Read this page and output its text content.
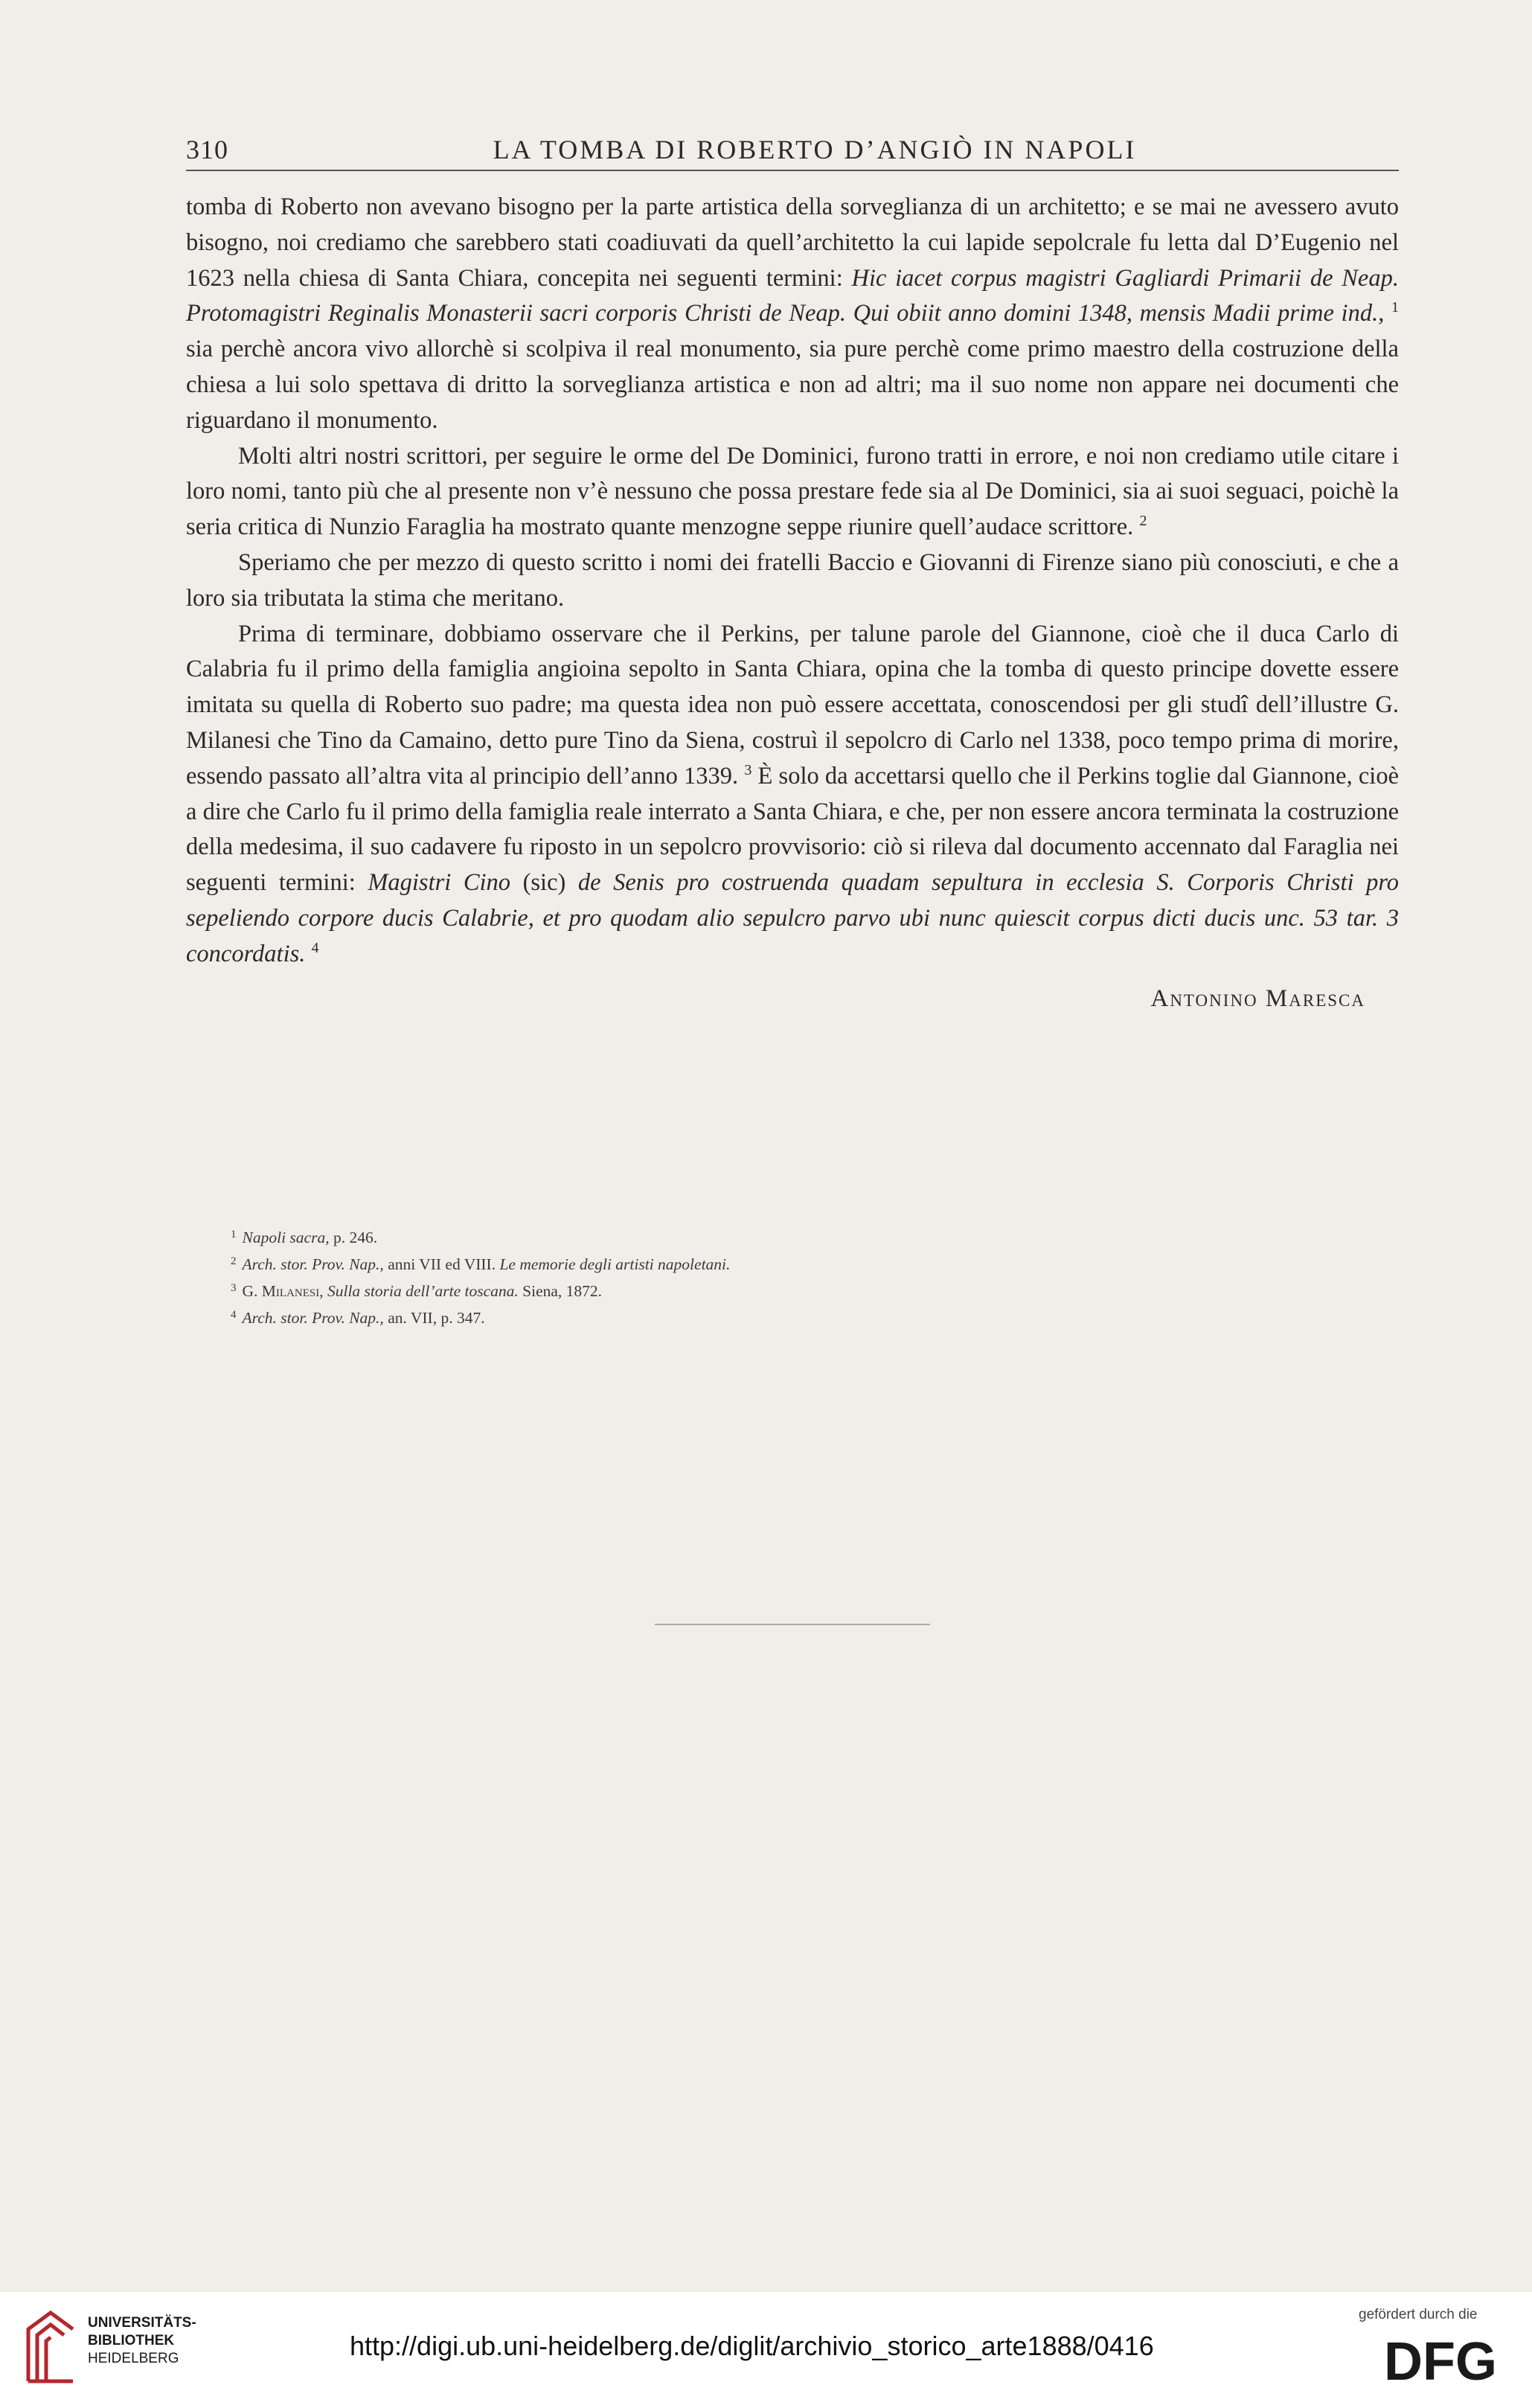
310	LA TOMBA DI ROBERTO D’ANGIÒ IN NAPOLI

tomba di Roberto non avevano bisogno per la parte artistica della sorveglianza di un architetto; e se mai ne avessero avuto bisogno, noi crediamo che sarebbero stati coadiuvati da quell’architetto la cui lapide sepolcrale fu letta dal D’Eugenio nel 1623 nella chiesa di Santa Chiara, concepita nei seguenti termini: Hic iacet corpus magistri Gagliardi Primarii de Neap. Protomagistri Reginalis Monasterii sacri corporis Christi de Neap. Qui obiit anno domini 1348, mensis Madii prime ind., $^1$ sia perchè ancora vivo allorchè si scolpiva il real monumento, sia pure perchè come primo maestro della costruzione della chiesa a lui solo spettava di dritto la sorveglianza artistica e non ad altri; ma il suo nome non appare nei documenti che riguardano il monumento.

Molti altri nostri scrittori, per seguire le orme del De Dominici, furono tratti in errore, e noi non crediamo utile citare i loro nomi, tanto più che al presente non v’è nessuno che possa prestare fede sia al De Dominici, sia ai suoi seguaci, poichè la seria critica di Nunzio Faraglia ha mostrato quante menzogne seppe riunire quell’audace scrittore. $^2$

Speriamo che per mezzo di questo scritto i nomi dei fratelli Baccio e Giovanni di Firenze siano più conosciuti, e che a loro sia tributata la stima che meritano.

Prima di terminare, dobbiamo osservare che il Perkins, per talune parole del Giannone, cioè che il duca Carlo di Calabria fu il primo della famiglia angioina sepolto in Santa Chiara, opina che la tomba di questo principe dovette essere imitata su quella di Roberto suo padre; ma questa idea non può essere accettata, conoscendosi per gli studî dell’illustre G. Milanesi che Tino da Camaino, detto pure Tino da Siena, costruì il sepolcro di Carlo nel 1338, poco tempo prima di morire, essendo passato all’altra vita al principio dell’anno 1339. $^3$ È solo da accettarsi quello che il Perkins toglie dal Giannone, cioè a dire che Carlo fu il primo della famiglia reale interrato a Santa Chiara, e che, per non essere ancora terminata la costruzione della medesima, il suo cadavere fu riposto in un sepolcro provvisorio: ciò si rileva dal documento accennato dal Faraglia nei seguenti termini: Magistri Cino (sic) de Senis pro costruenda quadam sepultura in ecclesia S. Corporis Christi pro sepeliendo corpore ducis Calabrie, et pro quodam alio sepulcro parvo ubi nunc quiescit corpus dicti ducis unc. 53 tar. 3 concordatis. $^4$

Antonino Maresca

$^1$ Napoli sacra, p. 246.

$^2$ Arch. stor. Prov. Nap., anni VII ed VIII. Le memorie degli artisti napoletani.

$^3$ G. Milanesi, Sulla storia dell’arte toscana. Siena, 1872.

$^4$ Arch. stor. Prov. Nap., an. VII, p. 347.

UNIVERSITÄTS-
BIBLIOTHEK
HEIDELBERG	http://digi.ub.uni-heidelberg.de/diglit/archivio_storico_arte1888/0416
gefördert durch die
DFG
